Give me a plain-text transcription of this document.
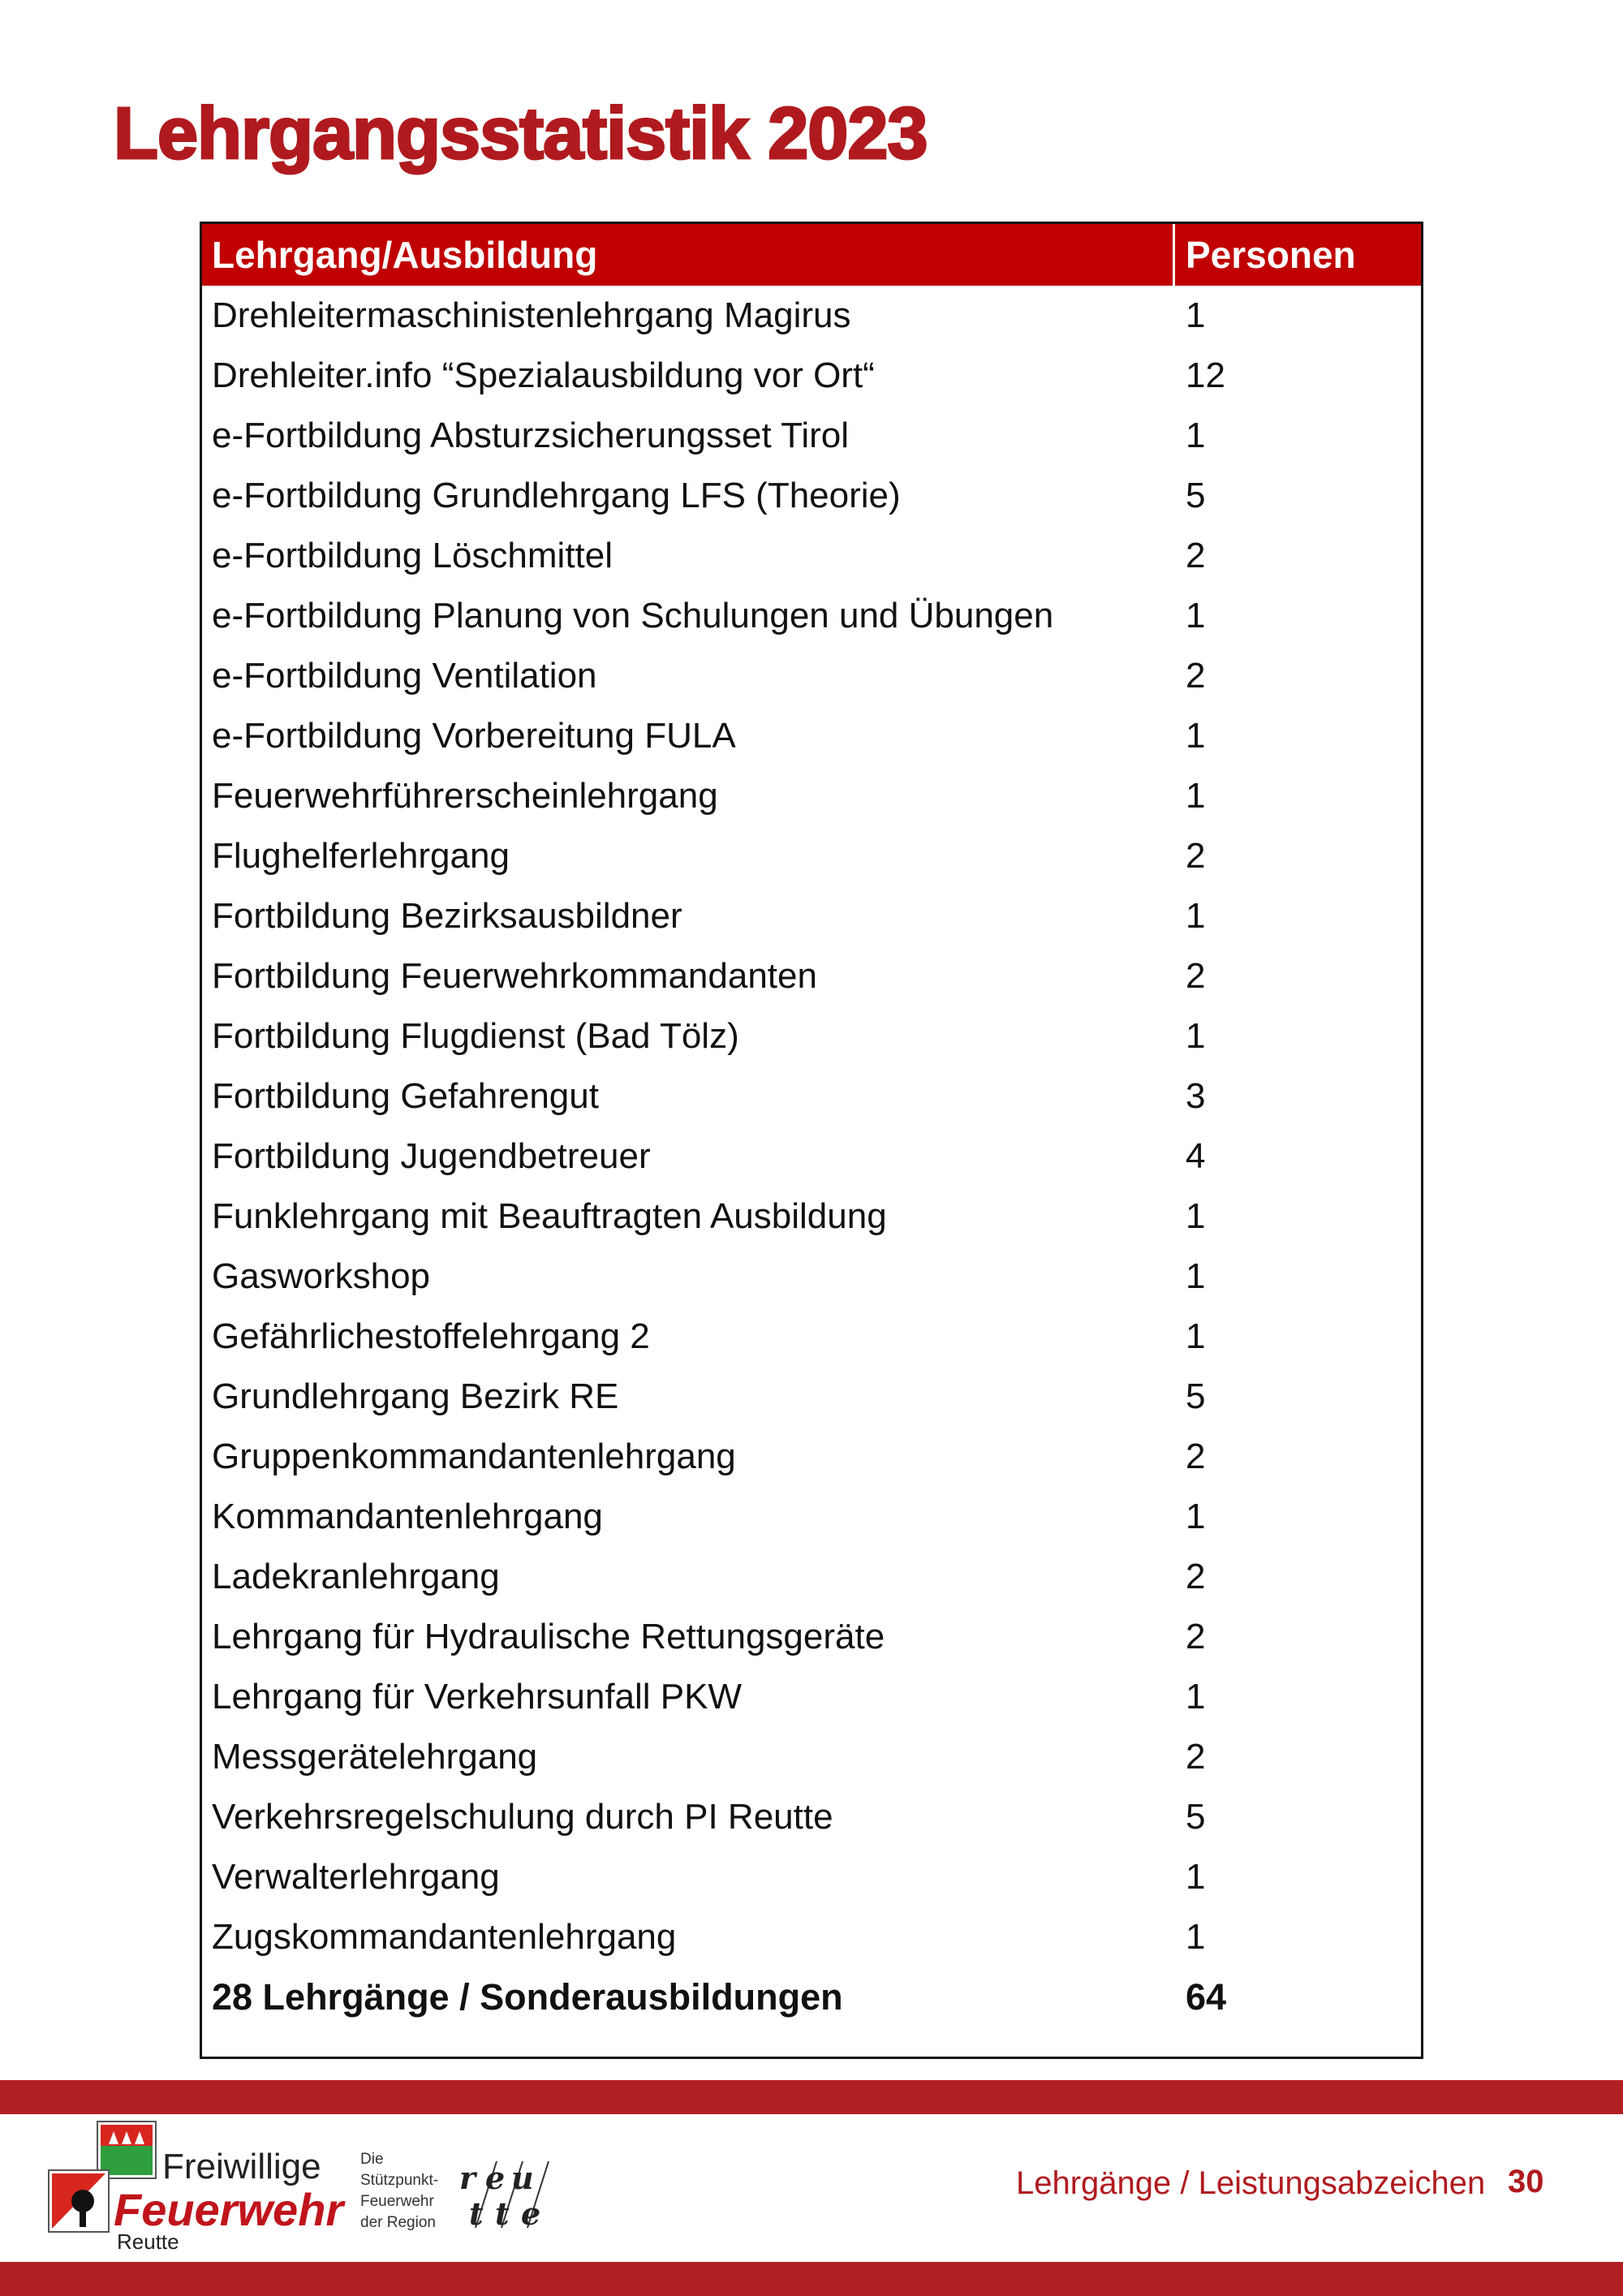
Lehrgangsstatistik 2023
Lehrgang/Ausbildung	Personen
Drehleitermaschinistenlehrgang Magirus	1
Drehleiter.info “Spezialausbildung vor Ort“	12
e-Fortbildung Absturzsicherungsset Tirol	1
e-Fortbildung Grundlehrgang LFS (Theorie)	5
e-Fortbildung Löschmittel	2
e-Fortbildung Planung von Schulungen und Übungen	1
e-Fortbildung Ventilation	2
e-Fortbildung Vorbereitung FULA	1
Feuerwehrführerscheinlehrgang	1
Flughelferlehrgang	2
Fortbildung Bezirksausbildner	1
Fortbildung Feuerwehrkommandanten	2
Fortbildung Flugdienst (Bad Tölz)	1
Fortbildung Gefahrengut	3
Fortbildung Jugendbetreuer	4
Funklehrgang mit Beauftragten Ausbildung	1
Gasworkshop	1
Gefährlichestoffelehrgang 2	1
Grundlehrgang Bezirk RE	5
Gruppenkommandantenlehrgang	2
Kommandantenlehrgang	1
Ladekranlehrgang	2
Lehrgang für Hydraulische Rettungsgeräte	2
Lehrgang für Verkehrsunfall PKW	1
Messgerätelehrgang	2
Verkehrsregelschulung durch PI Reutte	5
Verwalterlehrgang	1
Zugskommandantenlehrgang	1
28 Lehrgänge / Sonderausbildungen	64
Freiwillige
Feuerwehr
Reutte
Die
Stützpunkt-
Feuerwehr
der Region
r e u
t t e
Lehrgänge / Leistungsabzeichen 30
